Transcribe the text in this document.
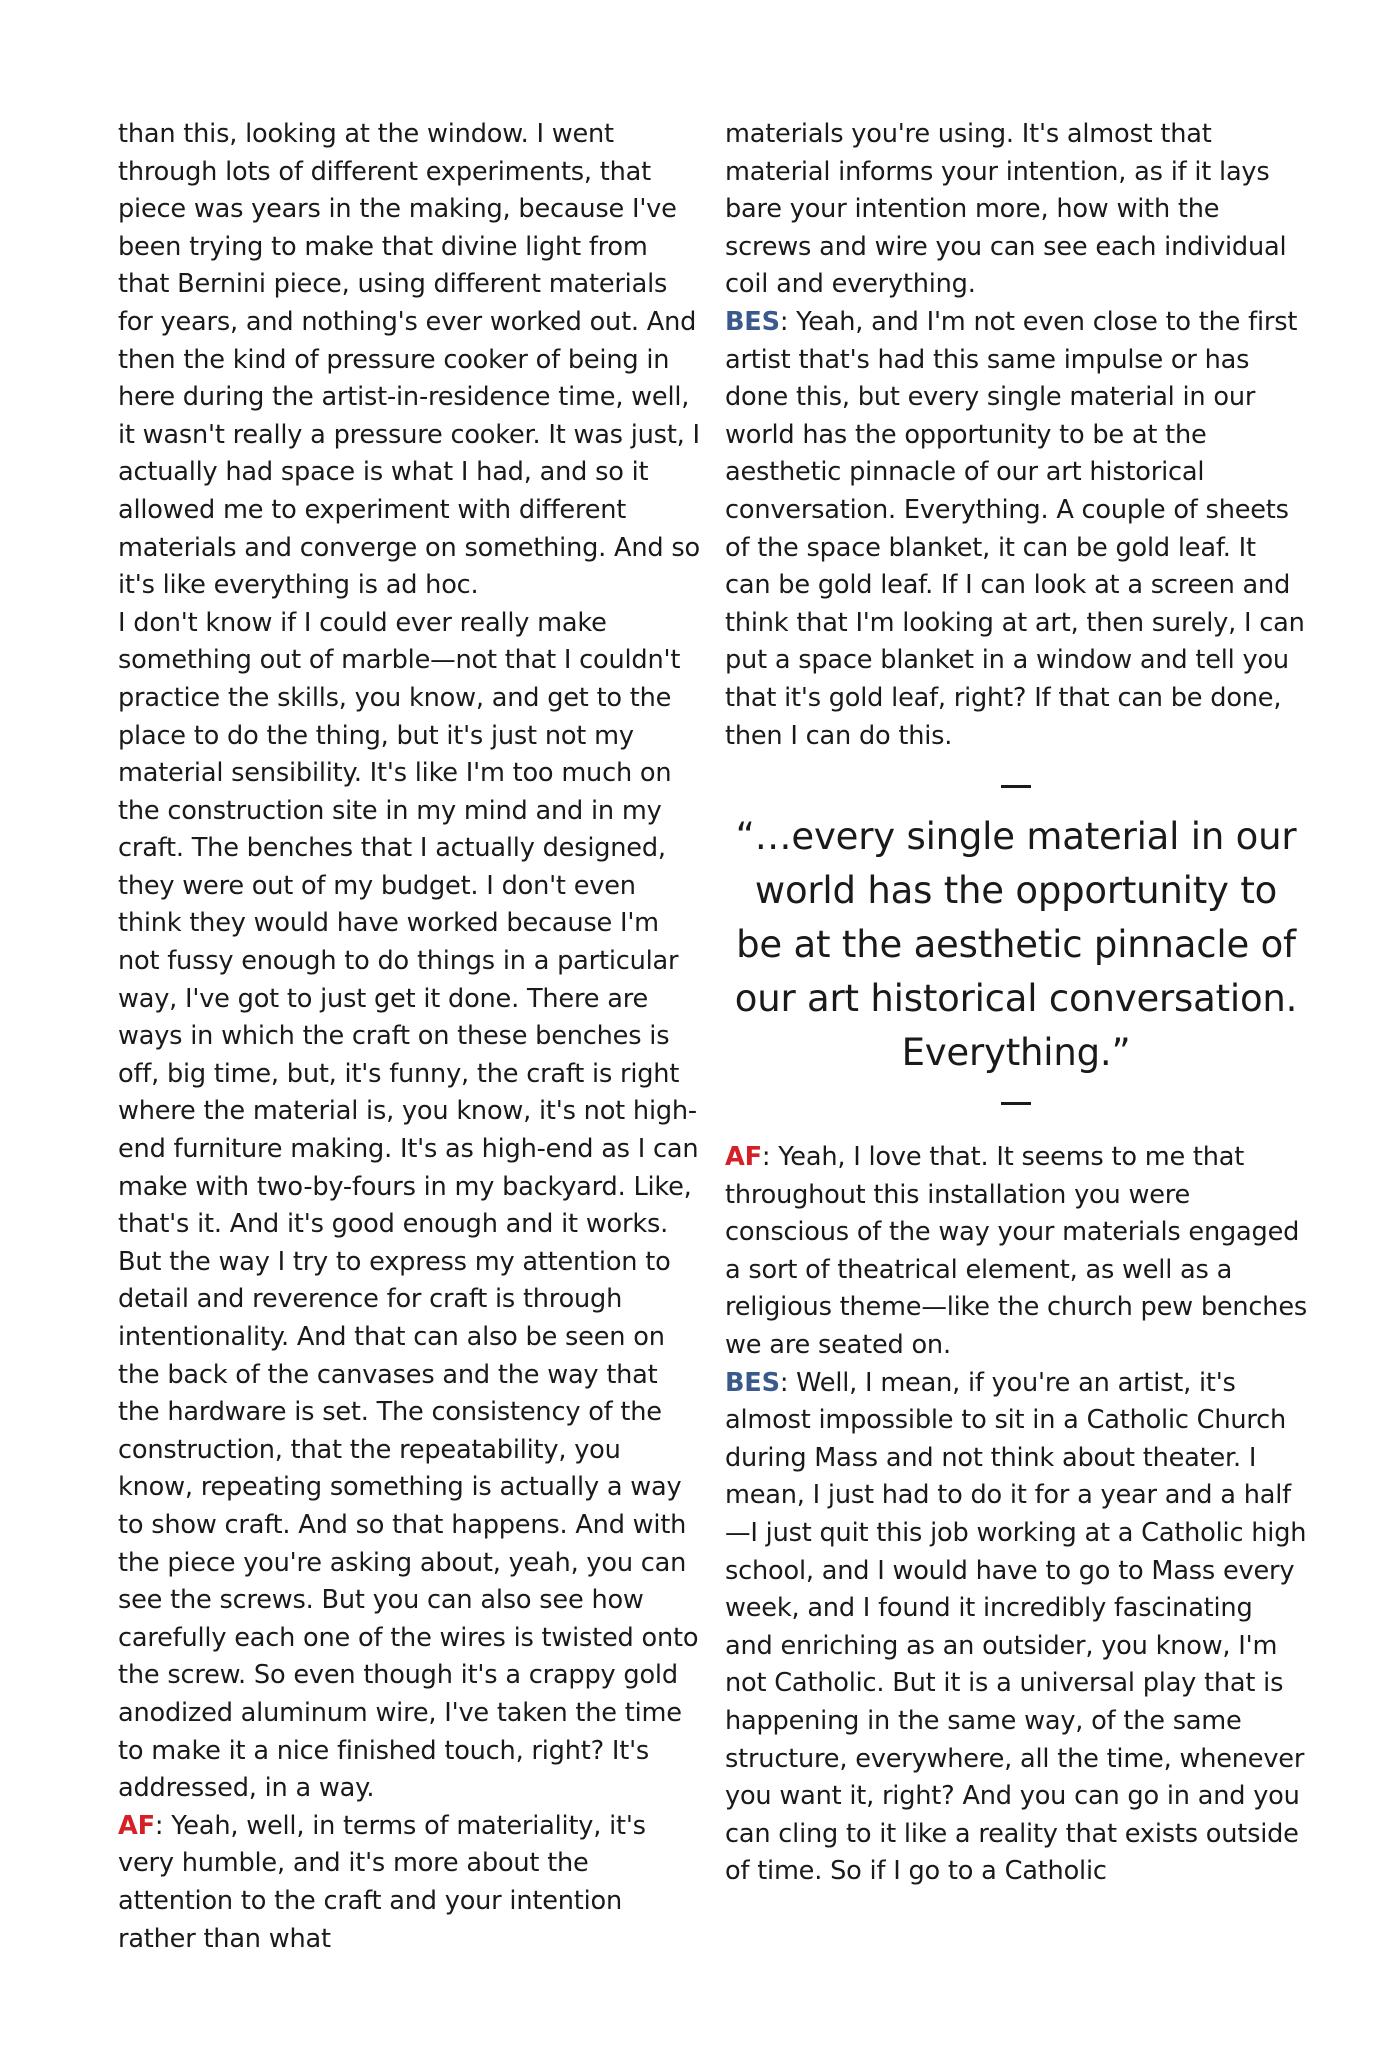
than this, looking at the window. I went through lots of different experiments, that piece was years in the making, because I've been trying to make that divine light from that Bernini piece, using different materials for years, and nothing's ever worked out. And then the kind of pressure cooker of being in here during the artist-in-residence time, well, it wasn't really a pressure cooker. It was just, I actually had space is what I had, and so it allowed me to experiment with different materials and converge on something. And so it's like everything is ad hoc.

I don't know if I could ever really make something out of marble—not that I couldn't practice the skills, you know, and get to the place to do the thing, but it's just not my material sensibility. It's like I'm too much on the construction site in my mind and in my craft. The benches that I actually designed, they were out of my budget. I don't even think they would have worked because I'm not fussy enough to do things in a particular way, I've got to just get it done. There are ways in which the craft on these benches is off, big time, but, it's funny, the craft is right where the material is, you know, it's not high-end furniture making. It's as high-end as I can make with two-by-fours in my backyard. Like, that's it. And it's good enough and it works. But the way I try to express my attention to detail and reverence for craft is through intentionality. And that can also be seen on the back of the canvases and the way that the hardware is set. The consistency of the construction, that the repeatability, you know, repeating something is actually a way to show craft. And so that happens. And with the piece you're asking about, yeah, you can see the screws. But you can also see how carefully each one of the wires is twisted onto the screw. So even though it's a crappy gold anodized aluminum wire, I've taken the time to make it a nice finished touch, right? It's addressed, in a way.

AF: Yeah, well, in terms of materiality, it's very humble, and it's more about the attention to the craft and your intention rather than what

materials you're using. It's almost that material informs your intention, as if it lays bare your intention more, how with the screws and wire you can see each individual coil and everything.

BES: Yeah, and I'm not even close to the first artist that's had this same impulse or has done this, but every single material in our world has the opportunity to be at the aesthetic pinnacle of our art historical conversation. Everything. A couple of sheets of the space blanket, it can be gold leaf. It can be gold leaf. If I can look at a screen and think that I'm looking at art, then surely, I can put a space blanket in a window and tell you that it's gold leaf, right? If that can be done, then I can do this.

“…every single material in our world has the opportunity to be at the aesthetic pinnacle of our art historical conversation. Everything.”

AF: Yeah, I love that. It seems to me that throughout this installation you were conscious of the way your materials engaged a sort of theatrical element, as well as a religious theme—like the church pew benches we are seated on.

BES: Well, I mean, if you're an artist, it's almost impossible to sit in a Catholic Church during Mass and not think about theater. I mean, I just had to do it for a year and a half—I just quit this job working at a Catholic high school, and I would have to go to Mass every week, and I found it incredibly fascinating and enriching as an outsider, you know, I'm not Catholic. But it is a universal play that is happening in the same way, of the same structure, everywhere, all the time, whenever you want it, right? And you can go in and you can cling to it like a reality that exists outside of time. So if I go to a Catholic
